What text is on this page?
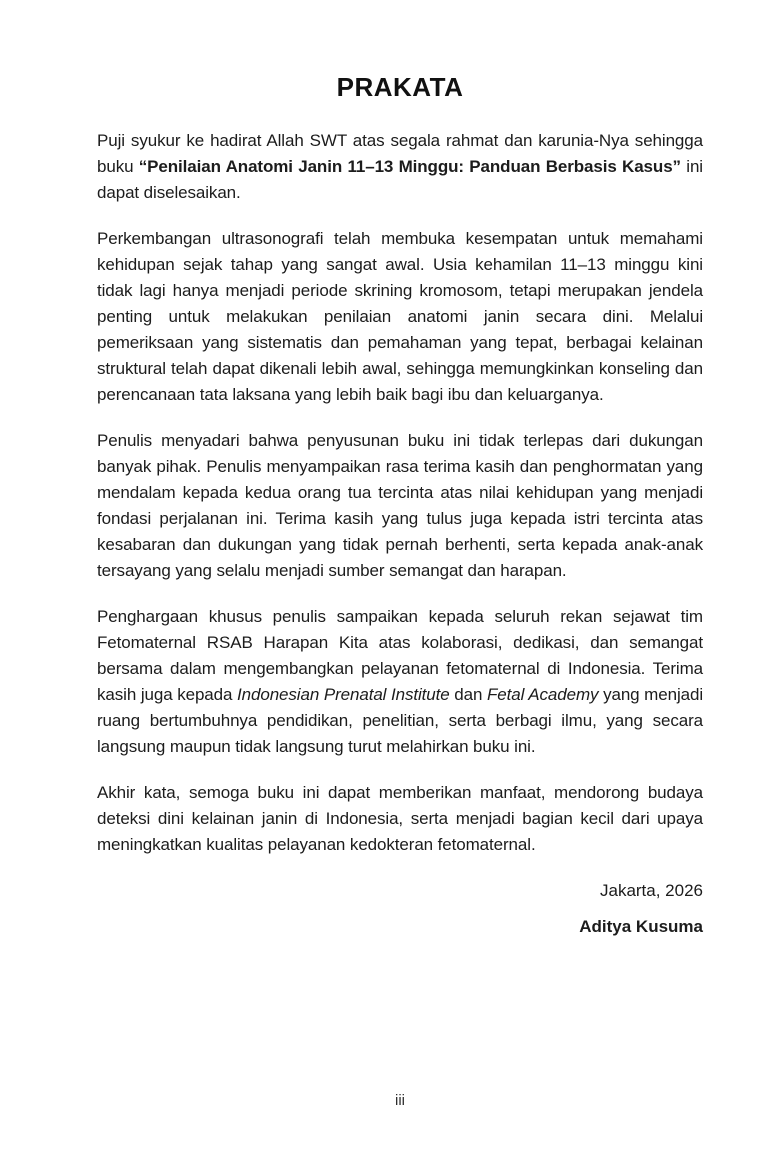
PRAKATA

Puji syukur ke hadirat Allah SWT atas segala rahmat dan karunia-Nya sehingga buku “Penilaian Anatomi Janin 11–13 Minggu: Panduan Berbasis Kasus” ini dapat diselesaikan.

Perkembangan ultrasonografi telah membuka kesempatan untuk memahami kehidupan sejak tahap yang sangat awal. Usia kehamilan 11–13 minggu kini tidak lagi hanya menjadi periode skrining kromosom, tetapi merupakan jendela penting untuk melakukan penilaian anatomi janin secara dini. Melalui pemeriksaan yang sistematis dan pemahaman yang tepat, berbagai kelainan struktural telah dapat dikenali lebih awal, sehingga memungkinkan konseling dan perencanaan tata laksana yang lebih baik bagi ibu dan keluarganya.

Penulis menyadari bahwa penyusunan buku ini tidak terlepas dari dukungan banyak pihak. Penulis menyampaikan rasa terima kasih dan penghormatan yang mendalam kepada kedua orang tua tercinta atas nilai kehidupan yang menjadi fondasi perjalanan ini. Terima kasih yang tulus juga kepada istri tercinta atas kesabaran dan dukungan yang tidak pernah berhenti, serta kepada anak-anak tersayang yang selalu menjadi sumber semangat dan harapan.

Penghargaan khusus penulis sampaikan kepada seluruh rekan sejawat tim Fetomaternal RSAB Harapan Kita atas kolaborasi, dedikasi, dan semangat bersama dalam mengembangkan pelayanan fetomaternal di Indonesia. Terima kasih juga kepada Indonesian Prenatal Institute dan Fetal Academy yang menjadi ruang bertumbuhnya pendidikan, penelitian, serta berbagi ilmu, yang secara langsung maupun tidak langsung turut melahirkan buku ini.

Akhir kata, semoga buku ini dapat memberikan manfaat, mendorong budaya deteksi dini kelainan janin di Indonesia, serta menjadi bagian kecil dari upaya meningkatkan kualitas pelayanan kedokteran fetomaternal.

Jakarta, 2026

Aditya Kusuma

iii
